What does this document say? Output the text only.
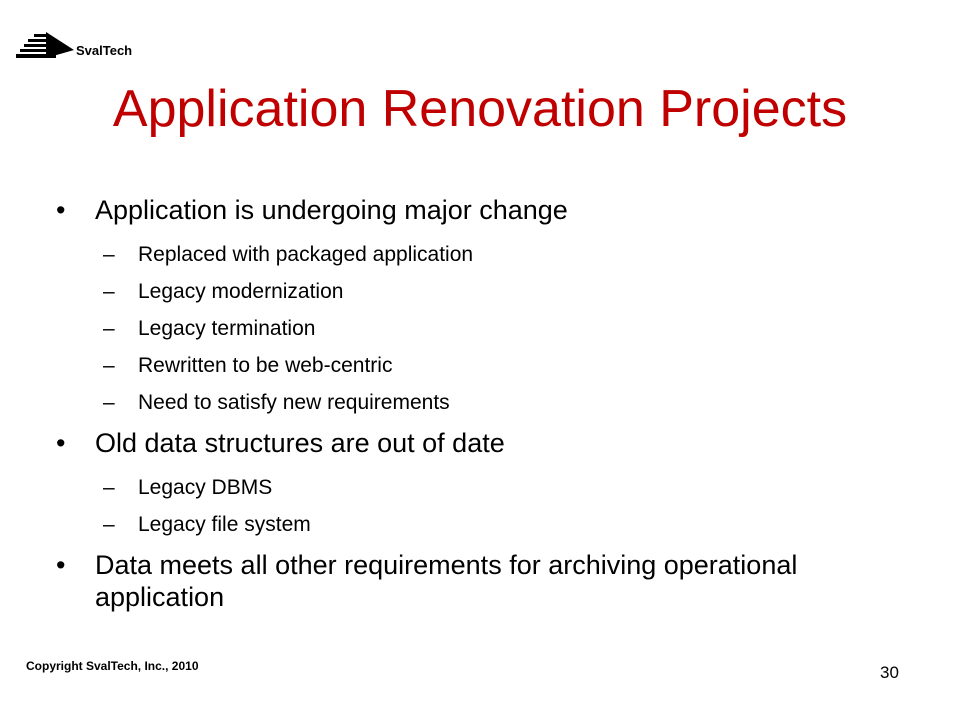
SvalTech
Application Renovation Projects
• Application is undergoing major change
– Replaced with packaged application
– Legacy modernization
– Legacy termination
– Rewritten to be web-centric
– Need to satisfy new requirements
• Old data structures are out of date
– Legacy DBMS
– Legacy file system
• Data meets all other requirements for archiving operational application
Copyright SvalTech, Inc., 2010	30
